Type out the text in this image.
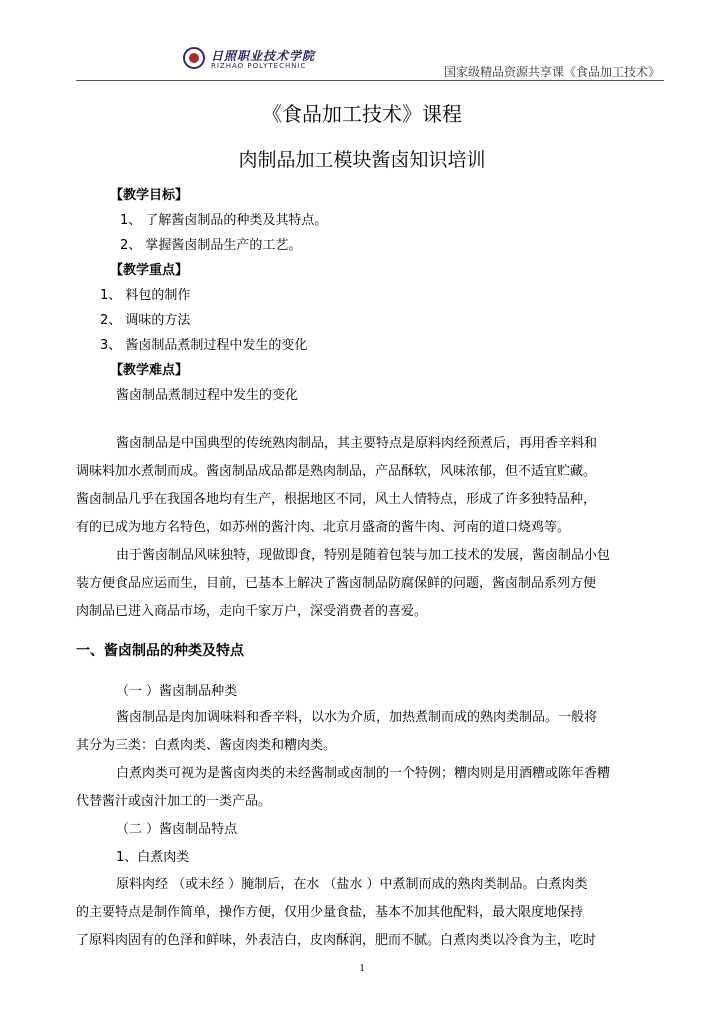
日照职业技术学院
RIZHAO POLYTECHNIC	国家级精品资源共享课《食品加工技术》
《食品加工技术》课程
肉制品加工模块酱卤知识培训
【教学目标】
1、 了解酱卤制品的种类及其特点。
2、 掌握酱卤制品生产的工艺。
【教学重点】
1、 料包的制作
2、 调味的方法
3、 酱卤制品煮制过程中发生的变化
【教学难点】
酱卤制品煮制过程中发生的变化
酱卤制品是中国典型的传统熟肉制品，其主要特点是原料肉经预煮后，再用香辛料和
调味料加水煮制而成。酱卤制品成品都是熟肉制品，产品酥软，风味浓郁，但不适宜贮藏。
酱卤制品几乎在我国各地均有生产，根据地区不同，风土人情特点，形成了许多独特品种，
有的已成为地方名特色，如苏州的酱汁肉、北京月盛斋的酱牛肉、河南的道口烧鸡等。
由于酱卤制品风味独特，现做即食，特别是随着包装与加工技术的发展，酱卤制品小包
装方便食品应运而生，目前，已基本上解决了酱卤制品防腐保鲜的问题，酱卤制品系列方便
肉制品已进入商品市场，走向千家万户，深受消费者的喜爱。
一、酱卤制品的种类及特点
（一 ）酱卤制品种类
酱卤制品是肉加调味料和香辛料，以水为介质，加热煮制而成的熟肉类制品。一般将
其分为三类：白煮肉类、酱卤肉类和糟肉类。
白煮肉类可视为是酱卤肉类的未经酱制或卤制的一个特例；糟肉则是用酒糟或陈年香糟
代替酱汁或卤汁加工的一类产品。
（二 ）酱卤制品特点
1、白煮肉类
原料肉经 （或未经 ）腌制后，在水 （盐水 ）中煮制而成的熟肉类制品。白煮肉类
的主要特点是制作简单，操作方便，仅用少量食盐，基本不加其他配料，最大限度地保持
了原料肉固有的色泽和鲜味，外表洁白，皮肉酥润，肥而不腻。白煮肉类以冷食为主，吃时
1
